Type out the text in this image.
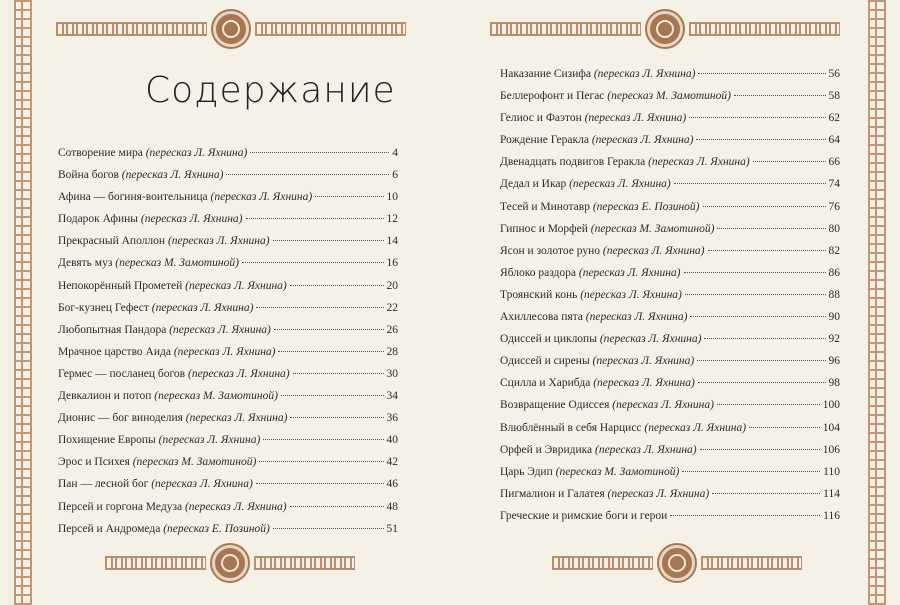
Содержание
Сотворение мира (пересказ Л. Яхнина)	4
Война богов (пересказ Л. Яхнина)	6
Афина — богиня-воительница (пересказ Л. Яхнина)	10
Подарок Афины (пересказ Л. Яхнина)	12
Прекрасный Аполлон (пересказ Л. Яхнина)	14
Девять муз (пересказ М. Замотиной)	16
Непокорённый Прометей (пересказ Л. Яхнина)	20
Бог-кузнец Гефест (пересказ Л. Яхнина)	22
Любопытная Пандора (пересказ Л. Яхнина)	26
Мрачное царство Аида (пересказ Л. Яхнина)	28
Гермес — посланец богов (пересказ Л. Яхнина)	30
Девкалион и потоп (пересказ М. Замотиной)	34
Дионис — бог виноделия (пересказ Л. Яхнина)	36
Похищение Европы (пересказ Л. Яхнина)	40
Эрос и Психея (пересказ М. Замотиной)	42
Пан — лесной бог (пересказ Л. Яхнина)	46
Персей и горгона Медуза (пересказ Л. Яхнина)	48
Персей и Андромеда (пересказ Е. Позиной)	51
Наказание Сизифа (пересказ Л. Яхнина)	56
Беллерофонт и Пегас (пересказ М. Замотиной)	58
Гелиос и Фаэтон (пересказ Л. Яхнина)	62
Рождение Геракла (пересказ Л. Яхнина)	64
Двенадцать подвигов Геракла (пересказ Л. Яхнина)	66
Дедал и Икар (пересказ Л. Яхнина)	74
Тесей и Минотавр (пересказ Е. Позиной)	76
Гипнос и Морфей (пересказ М. Замотиной)	80
Ясон и золотое руно (пересказ Л. Яхнина)	82
Яблоко раздора (пересказ Л. Яхнина)	86
Троянский конь (пересказ Л. Яхнина)	88
Ахиллесова пята (пересказ Л. Яхнина)	90
Одиссей и циклопы (пересказ Л. Яхнина)	92
Одиссей и сирены (пересказ Л. Яхнина)	96
Сцилла и Харибда (пересказ Л. Яхнина)	98
Возвращение Одиссея (пересказ Л. Яхнина)	100
Влюблённый в себя Нарцисс (пересказ Л. Яхнина)	104
Орфей и Эвридика (пересказ Л. Яхнина)	106
Царь Эдип (пересказ М. Замотиной)	110
Пигмалион и Галатея (пересказ Л. Яхнина)	114
Греческие и римские боги и герои	116
